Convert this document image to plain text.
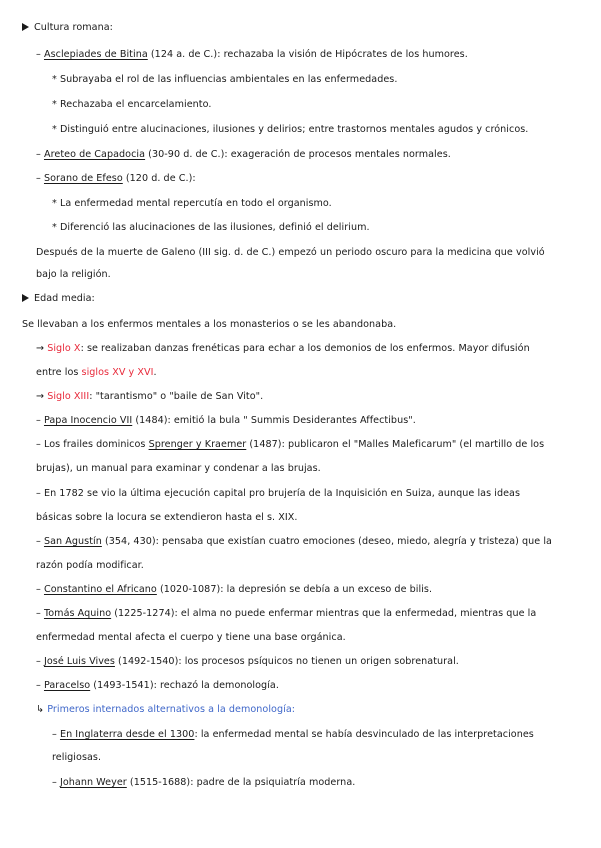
Cultura romana:
– Asclepiades de Bitina (124 a. de C.): rechazaba la visión de Hipócrates de los humores.
* Subrayaba el rol de las influencias ambientales en las enfermedades.
* Rechazaba el encarcelamiento.
* Distinguió entre alucinaciones, ilusiones y delirios; entre trastornos mentales agudos y crónicos.
– Areteo de Capadocia (30-90 d. de C.): exageración de procesos mentales normales.
– Sorano de Efeso (120 d. de C.):
* La enfermedad mental repercutía en todo el organismo.
* Diferenció las alucinaciones de las ilusiones, definió el delirium.
Después de la muerte de Galeno (III sig. d. de C.) empezó un periodo oscuro para la medicina que volvió
bajo la religión.
Edad media:
Se llevaban a los enfermos mentales a los monasterios o se les abandonaba.
→ Siglo X: se realizaban danzas frenéticas para echar a los demonios de los enfermos. Mayor difusión
entre los siglos XV y XVI.
→ Siglo XIII: "tarantismo" o "baile de San Vito".
– Papa Inocencio VII (1484): emitió la bula " Summis Desiderantes Affectibus".
– Los frailes dominicos Sprenger y Kraemer (1487): publicaron el "Malles Maleficarum" (el martillo de los
brujas), un manual para examinar y condenar a las brujas.
– En 1782 se vio la última ejecución capital pro brujería de la Inquisición en Suiza, aunque las ideas
básicas sobre la locura se extendieron hasta el s. XIX.
– San Agustín (354, 430): pensaba que existían cuatro emociones (deseo, miedo, alegría y tristeza) que la
razón podía modificar.
– Constantino el Africano (1020-1087): la depresión se debía a un exceso de bilis.
– Tomás Aquino (1225-1274): el alma no puede enfermar mientras que la enfermedad, mientras que la
enfermedad mental afecta el cuerpo y tiene una base orgánica.
– José Luis Vives (1492-1540): los procesos psíquicos no tienen un origen sobrenatural.
– Paracelso (1493-1541): rechazó la demonología.
↳ Primeros internados alternativos a la demonología:
– En Inglaterra desde el 1300: la enfermedad mental se había desvinculado de las interpretaciones
religiosas.
– Johann Weyer (1515-1688): padre de la psiquiatría moderna.
